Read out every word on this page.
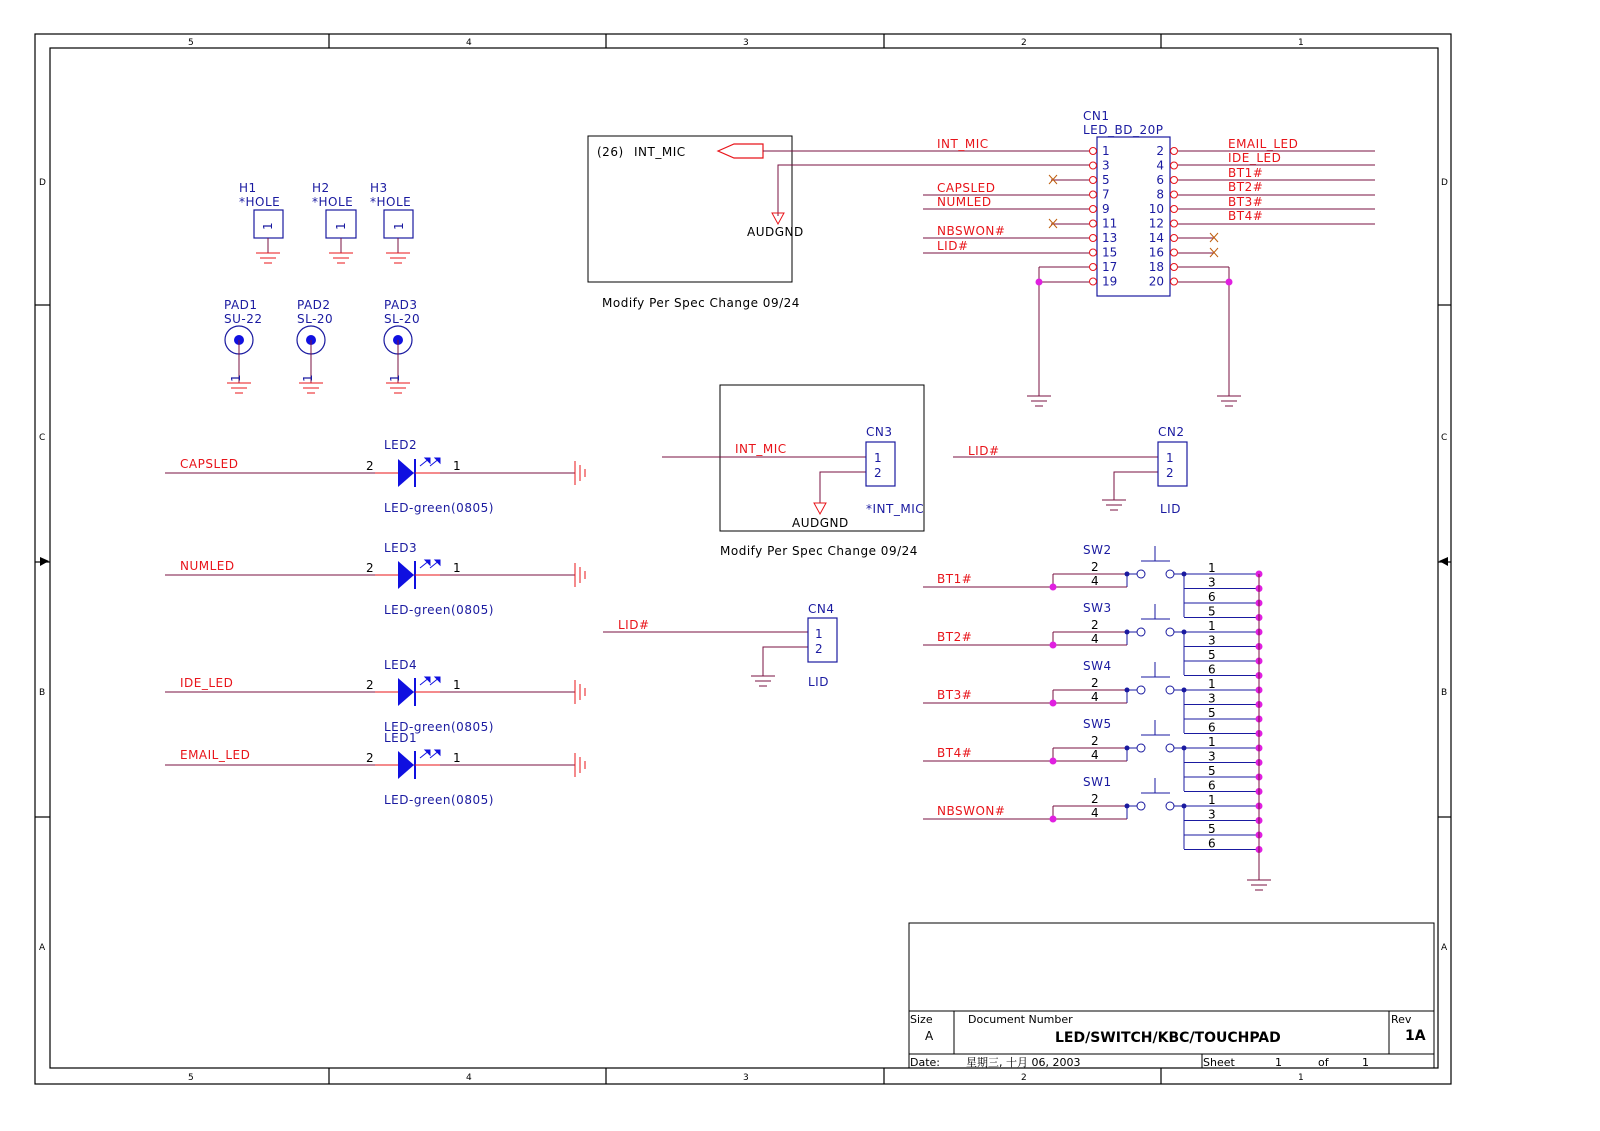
5	4	3	2	1
5	4	3	2	1
D
C
B
A
D
C
B
A
H1
*HOLE
1
H2
*HOLE
1
H3
*HOLE
1
PAD1
SU-22
1
PAD2
SL-20
1
PAD3
SL-20
1
(26) INT_MIC
AUDGND
Modify Per Spec Change 09/24
CN1
LED_BD_20P
1	2
3	4
5	6
7	8
9	10
11	12
13	14
15	16
17	18
19	20
INT_MIC
CAPSLED
NUMLED
NBSWON#
LID#
EMAIL_LED
IDE_LED
BT1#
BT2#
BT3#
BT4#
CAPSLED
LED2
2	1
LED-green(0805)
NUMLED
LED3
2	1
LED-green(0805)
IDE_LED
LED4
2	1
LED-green(0805)
EMAIL_LED
LED1
2	1
LED-green(0805)
INT_MIC
AUDGND
CN3
1
2
*INT_MIC
Modify Per Spec Change 09/24
LID#
CN2
1
2
LID
LID#
CN4
1
2
LID
SW2
BT1#
2
4
1
3
6
5
SW3
BT2#
2
4
1
3
5
6
SW4
BT3#
2
4
1
3
5
6
SW5
BT4#
2
4
1
3
5
6
SW1
NBSWON#
2
4
1
3
5
6
Size
A
Document Number
LED/SWITCH/KBC/TOUCHPAD
Rev
1A
Date: 星期三, 十月 06, 2003	Sheet	1	of	1
